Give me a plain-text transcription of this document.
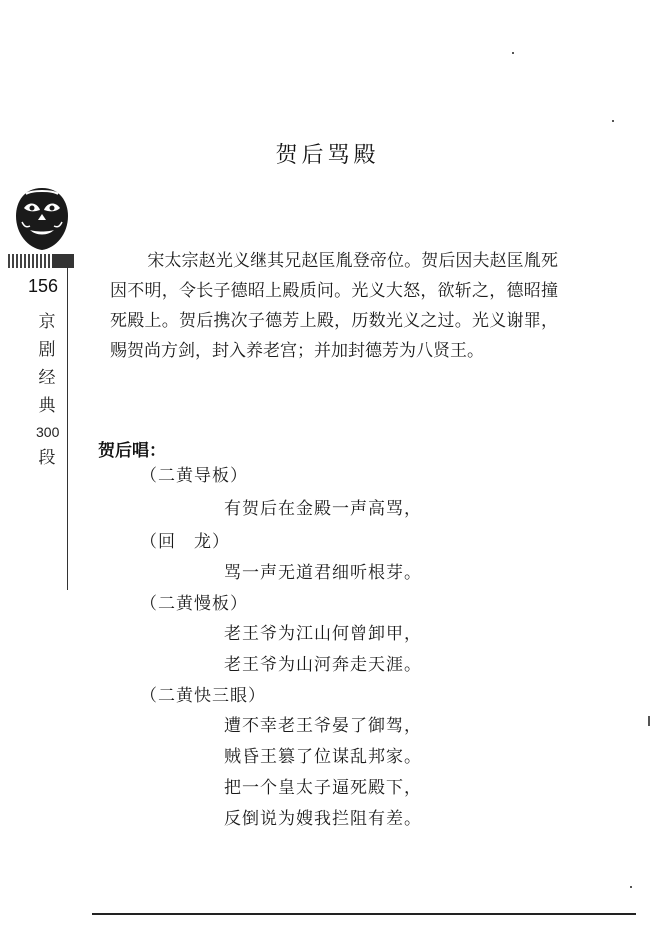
贺后骂殿
156
京
剧
经
典
300
段

宋太宗赵光义继其兄赵匡胤登帝位。贺后因夫赵匡胤死因不明，令长子德昭上殿质问。光义大怒，欲斩之，德昭撞死殿上。贺后携次子德芳上殿，历数光义之过。光义谢罪，赐贺尚方剑，封入养老宫；并加封德芳为八贤王。

贺后唱：
（二黄导板）
有贺后在金殿一声高骂，
（回　龙）
骂一声无道君细听根芽。
（二黄慢板）
老王爷为江山何曾卸甲，
老王爷为山河奔走天涯。
（二黄快三眼）
遭不幸老王爷晏了御驾，
贼昏王篡了位谋乱邦家。
把一个皇太子逼死殿下，
反倒说为嫂我拦阻有差。
